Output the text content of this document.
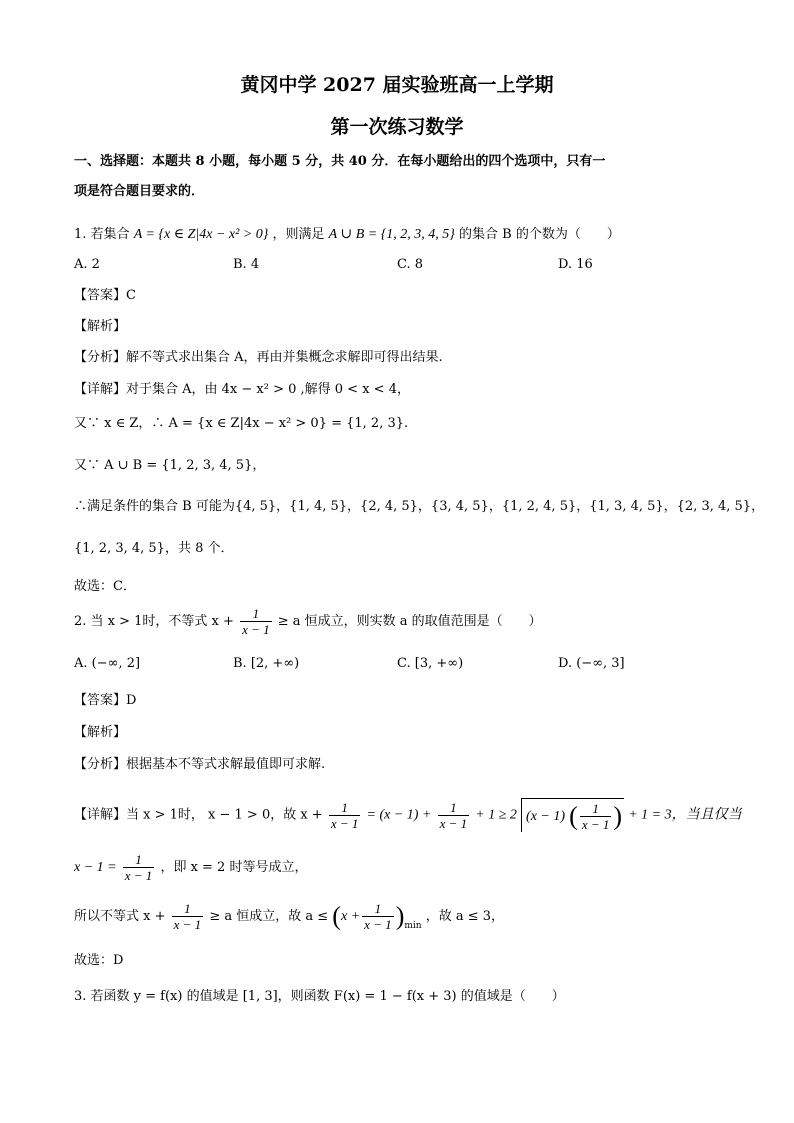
黄冈中学 2027 届实验班高一上学期
第一次练习数学
一、选择题：本题共 8 小题，每小题 5 分，共 40 分．在每小题给出的四个选项中，只有一
项是符合题目要求的．
1. 若集合 A = {x ∈ Z|4x − x² > 0} ，则满足 A ∪ B = {1, 2, 3, 4, 5} 的集合 B 的个数为（　　）
A. 2	B. 4	C. 8	D. 16
【答案】C
【解析】
【分析】解不等式求出集合 A，再由并集概念求解即可得出结果.
【详解】对于集合 A，由 4x − x² > 0 ,解得 0 < x < 4，
又∵ x ∈ Z，∴ A = {x ∈ Z|4x − x² > 0} = {1, 2, 3}.
又∵ A ∪ B = {1, 2, 3, 4, 5}，
∴满足条件的集合 B 可能为{4, 5}，{1, 4, 5}，{2, 4, 5}，{3, 4, 5}，{1, 2, 4, 5}，{1, 3, 4, 5}，{2, 3, 4, 5}，
{1, 2, 3, 4, 5}，共 8 个．
故选：C．
2. 当 x > 1时，不等式 $x + \frac{1}{x - 1} \ge a$ 恒成立，则实数 a 的取值范围是（　　）
A. (−∞, 2]	B. [2, +∞)	C. [3, +∞)	D. (−∞, 3]
【答案】D
【解析】
【分析】根据基本不等式求解最值即可求解.
【详解】当 x > 1时， x − 1 > 0，故 $x + \frac{1}{x - 1} = (x - 1) + \frac{1}{x - 1} + 1 \ge 2$ (x − 1) ( $\frac{1}{x - 1}$ ) + 1 = 3，当且仅当
$x - 1 = \frac{1}{x - 1}$ ，即 x = 2 时等号成立，
所以不等式 $x + \frac{1}{x - 1} \ge a$ 恒成立，故 $a \le (x + \frac{1}{x - 1} )_{min}$ ，故 a ≤ 3，
故选：D
3. 若函数 y = f(x) 的值域是 [1, 3]，则函数 F(x) = 1 − f(x + 3) 的值域是（　　）
